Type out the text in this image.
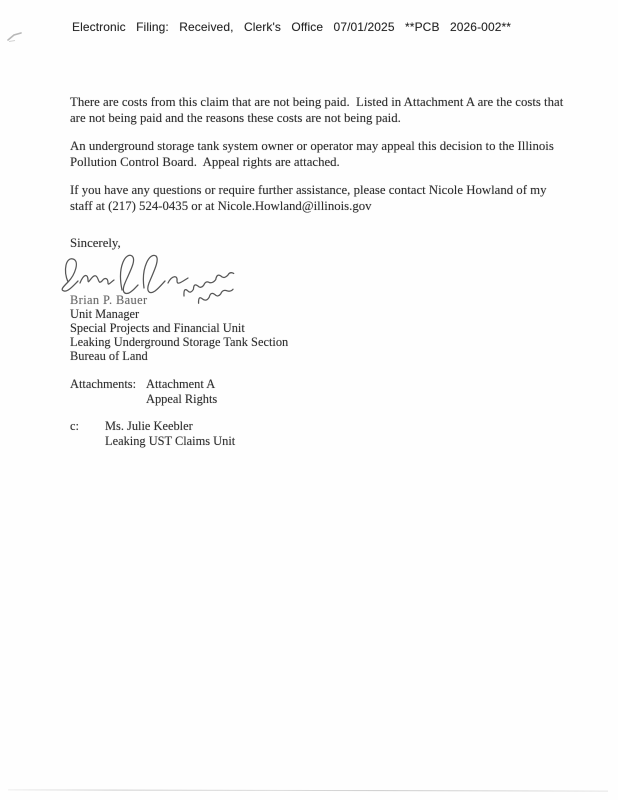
Electronic Filing: Received, Clerk's Office 07/01/2025 **PCB 2026-002**
There are costs from this claim that are not being paid.  Listed in Attachment A are the costs that
are not being paid and the reasons these costs are not being paid.
An underground storage tank system owner or operator may appeal this decision to the Illinois
Pollution Control Board.  Appeal rights are attached.
If you have any questions or require further assistance, please contact Nicole Howland of my
staff at (217) 524-0435 or at Nicole.Howland@illinois.gov
Sincerely,
Brian P. Bauer
Unit Manager
Special Projects and Financial Unit
Leaking Underground Storage Tank Section
Bureau of Land
Attachments: Attachment A
Appeal Rights
c:	Ms. Julie Keebler
Leaking UST Claims Unit
